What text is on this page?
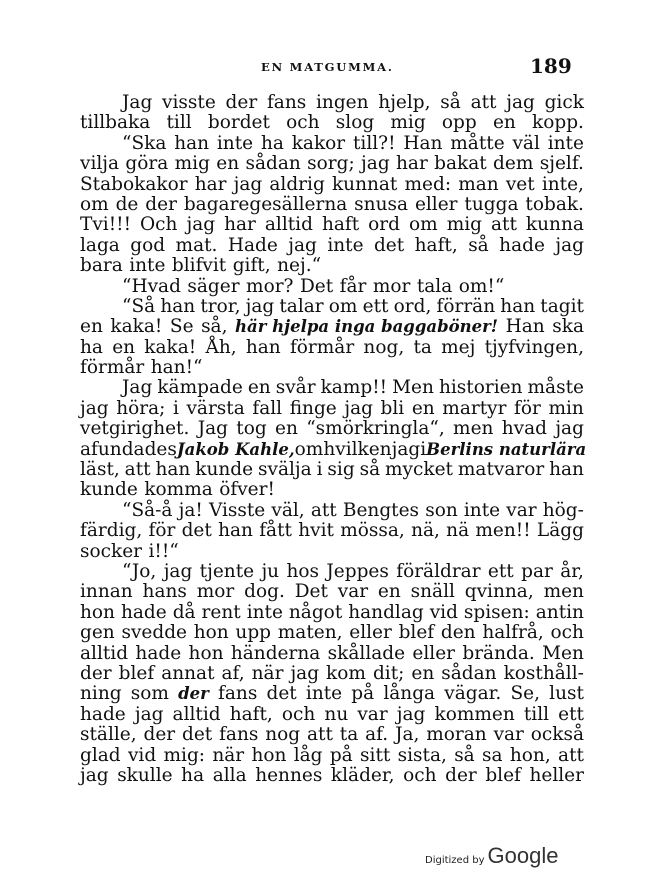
EN MATGUMMA.	189
Jag visste der fans ingen hjelp, så att jag gick
tillbaka till bordet och slog mig opp en kopp.
“Ska han inte ha kakor till?! Han måtte väl inte
vilja göra mig en sådan sorg; jag har bakat dem sjelf.
Stabokakor har jag aldrig kunnat med: man vet inte,
om de der bagaregesällerna snusa eller tugga tobak.
Tvi!!! Och jag har alltid haft ord om mig att kunna
laga god mat. Hade jag inte det haft, så hade jag
bara inte blifvit gift, nej.“
“Hvad säger mor? Det får mor tala om!“
“Så han tror, jag talar om ett ord, förrän han tagit
en kaka! Se så, här hjelpa inga baggaböner! Han ska
ha en kaka! Åh, han förmår nog, ta mej tjyfvingen,
förmår han!“
Jag kämpade en svår kamp!! Men historien måste
jag höra; i värsta fall finge jag bli en martyr för min
vetgirighet. Jag tog en “smörkringla“, men hvad jag
afundades Jakob Kahle, om hvilken jag i Berlins naturlära
läst, att han kunde svälja i sig så mycket matvaror han
kunde komma öfver!
“Så-å ja! Visste väl, att Bengtes son inte var hög-
färdig, för det han fått hvit mössa, nä, nä men!! Lägg
socker i!!“
“Jo, jag tjente ju hos Jeppes föräldrar ett par år,
innan hans mor dog. Det var en snäll qvinna, men
hon hade då rent inte något handlag vid spisen: antin
gen svedde hon upp maten, eller blef den halfrå, och
alltid hade hon händerna skållade eller brända. Men
der blef annat af, när jag kom dit; en sådan kosthåll-
ning som der fans det inte på långa vägar. Se, lust
hade jag alltid haft, och nu var jag kommen till ett
ställe, der det fans nog att ta af. Ja, moran var också
glad vid mig: när hon låg på sitt sista, så sa hon, att
jag skulle ha alla hennes kläder, och der blef heller
Digitized by Google
